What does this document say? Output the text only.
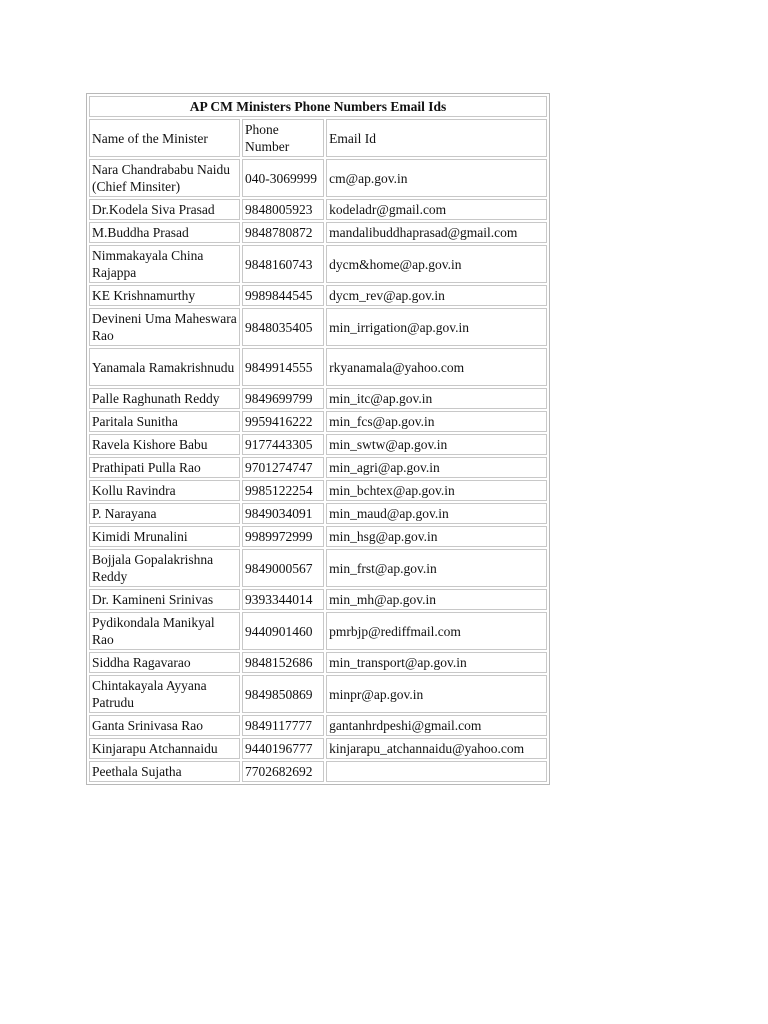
AP CM Ministers Phone Numbers Email Ids		
Name of the Minister	Phone Number	Email Id
Nara Chandrababu Naidu (Chief Minsiter)	040-3069999	cm@ap.gov.in
Dr.Kodela Siva Prasad	9848005923	kodeladr@gmail.com
M.Buddha Prasad	9848780872	mandalibuddhaprasad@gmail.com
Nimmakayala China Rajappa	9848160743	dycm&home@ap.gov.in
KE Krishnamurthy	9989844545	dycm_rev@ap.gov.in
Devineni Uma Maheswara Rao	9848035405	min_irrigation@ap.gov.in
Yanamala Ramakrishnudu	9849914555	rkyanamala@yahoo.com
Palle Raghunath Reddy	9849699799	min_itc@ap.gov.in
Paritala Sunitha	9959416222	min_fcs@ap.gov.in
Ravela Kishore Babu	9177443305	min_swtw@ap.gov.in
Prathipati Pulla Rao	9701274747	min_agri@ap.gov.in
Kollu Ravindra	9985122254	min_bchtex@ap.gov.in
P. Narayana	9849034091	min_maud@ap.gov.in
Kimidi Mrunalini	9989972999	min_hsg@ap.gov.in
Bojjala Gopalakrishna Reddy	9849000567	min_frst@ap.gov.in
Dr. Kamineni Srinivas	9393344014	min_mh@ap.gov.in
Pydikondala Manikyal Rao	9440901460	pmrbjp@rediffmail.com
Siddha Ragavarao	9848152686	min_transport@ap.gov.in
Chintakayala Ayyana Patrudu	9849850869	minpr@ap.gov.in
Ganta Srinivasa Rao	9849117777	gantanhrdpeshi@gmail.com
Kinjarapu Atchannaidu	9440196777	kinjarapu_atchannaidu@yahoo.com
Peethala Sujatha	7702682692	
